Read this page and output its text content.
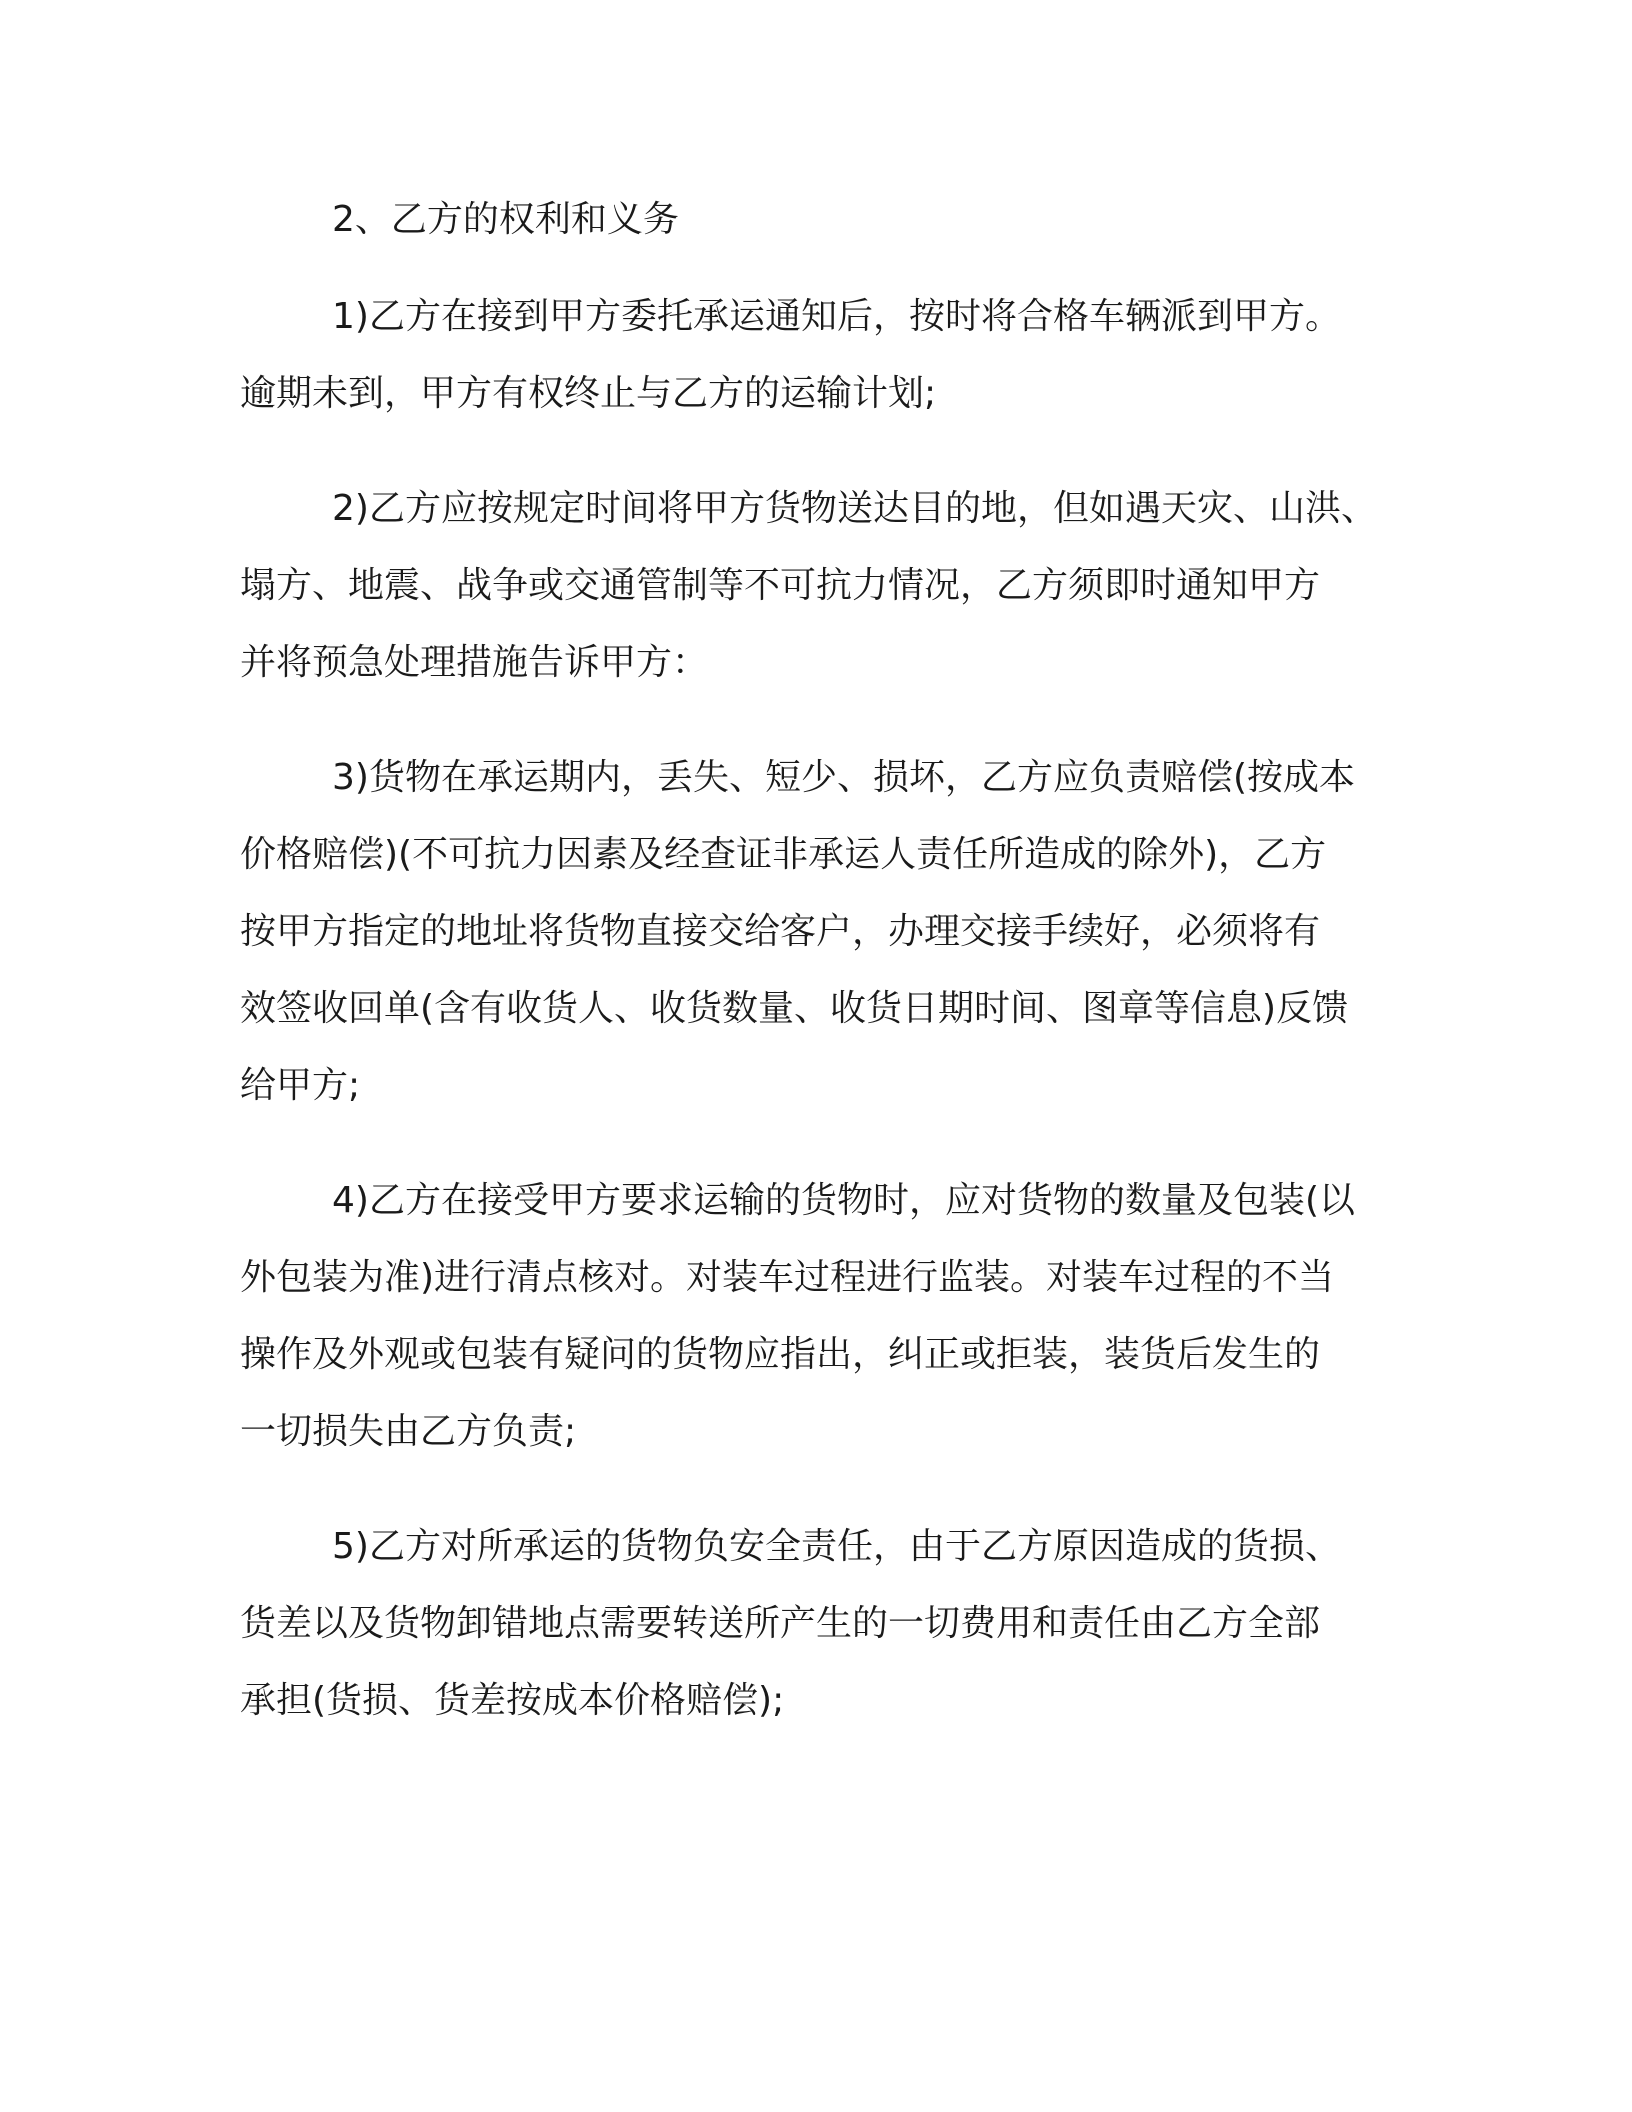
2、乙方的权利和义务
1)乙方在接到甲方委托承运通知后，按时将合格车辆派到甲方。
逾期未到，甲方有权终止与乙方的运输计划;
2)乙方应按规定时间将甲方货物送达目的地，但如遇天灾、山洪、
塌方、地震、战争或交通管制等不可抗力情况，乙方须即时通知甲方
并将预急处理措施告诉甲方：
3)货物在承运期内，丢失、短少、损坏，乙方应负责赔偿(按成本
价格赔偿)(不可抗力因素及经查证非承运人责任所造成的除外)，乙方
按甲方指定的地址将货物直接交给客户，办理交接手续好，必须将有
效签收回单(含有收货人、收货数量、收货日期时间、图章等信息)反馈
给甲方;
4)乙方在接受甲方要求运输的货物时，应对货物的数量及包装(以
外包装为准)进行清点核对。对装车过程进行监装。对装车过程的不当
操作及外观或包装有疑问的货物应指出，纠正或拒装，装货后发生的
一切损失由乙方负责;
5)乙方对所承运的货物负安全责任，由于乙方原因造成的货损、
货差以及货物卸错地点需要转送所产生的一切费用和责任由乙方全部
承担(货损、货差按成本价格赔偿);
